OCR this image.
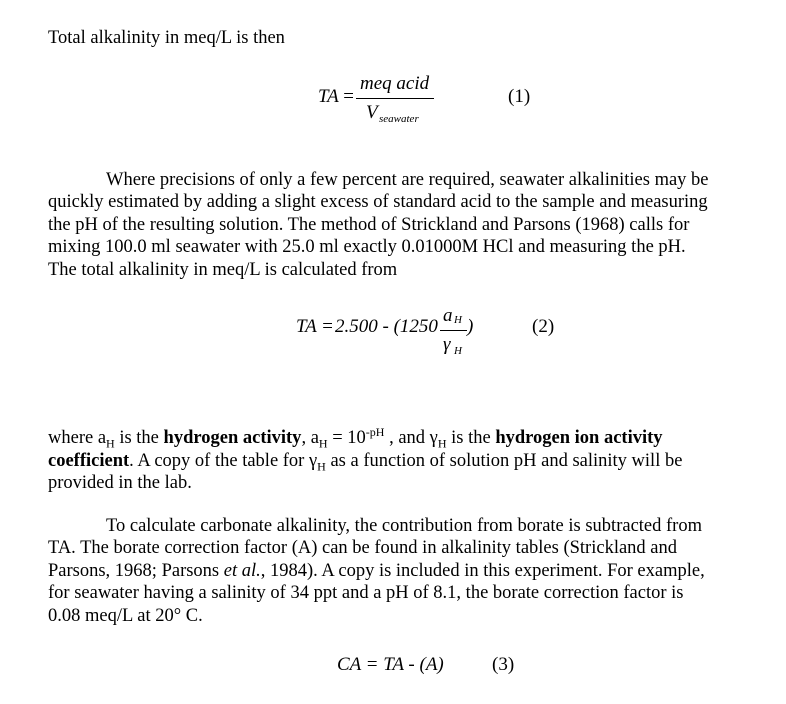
Total alkalinity in meq/L is then
TA =
meq acid
V seawater
(1)
Where precisions of only a few percent are required, seawater alkalinities may be
quickly estimated by adding a slight excess of standard acid to the sample and measuring
the pH of the resulting solution. The method of Strickland and Parsons (1968) calls for
mixing 100.0 ml seawater with 25.0 ml exactly 0.01000M HCl and measuring the pH.
The total alkalinity in meq/L is calculated from
TA = 2.500 - (1250
a H )
γ H
(2)
where $a_H$ is the hydrogen activity, $a_H = 10^{-pH}$ , and $\gamma_H$ is the hydrogen ion activity
coefficient. A copy of the table for $\gamma_H$ as a function of solution pH and salinity will be
provided in the lab.
To calculate carbonate alkalinity, the contribution from borate is subtracted from
TA. The borate correction factor (A) can be found in alkalinity tables (Strickland and
Parsons, 1968; Parsons et al., 1984). A copy is included in this experiment. For example,
for seawater having a salinity of 34 ppt and a pH of 8.1, the borate correction factor is
0.08 meq/L at 20° C.
CA = TA - (A)	(3)
